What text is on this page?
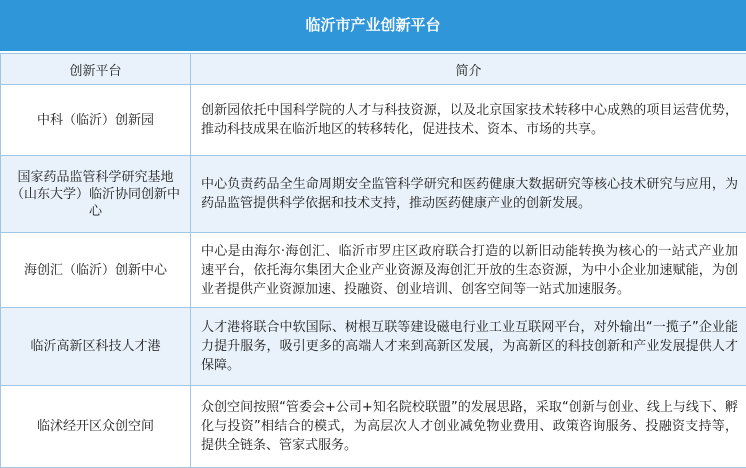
临沂市产业创新平台
创新平台	简介
中科（临沂）创新园	创新园依托中国科学院的人才与科技资源，以及北京国家技术转移中心成熟的项目运营优势，推动科技成果在临沂地区的转移转化，促进技术、资本、市场的共享。
国家药品监管科学研究基地（山东大学）临沂协同创新中心	中心负责药品全生命周期安全监管科学研究和医药健康大数据研究等核心技术研究与应用，为药品监管提供科学依据和技术支持，推动医药健康产业的创新发展。
海创汇（临沂）创新中心	中心是由海尔·海创汇、临沂市罗庄区政府联合打造的以新旧动能转换为核心的一站式产业加速平台，依托海尔集团大企业产业资源及海创汇开放的生态资源，为中小企业加速赋能，为创业者提供产业资源加速、投融资、创业培训、创客空间等一站式加速服务。
临沂高新区科技人才港	人才港将联合中软国际、树根互联等建设磁电行业工业互联网平台，对外输出“一揽子”企业能力提升服务，吸引更多的高端人才来到高新区发展，为高新区的科技创新和产业发展提供人才保障。
临沭经开区众创空间	众创空间按照“管委会+公司+知名院校联盟”的发展思路，采取“创新与创业、线上与线下、孵化与投资”相结合的模式，为高层次人才创业减免物业费用、政策咨询服务、投融资支持等，提供全链条、管家式服务。
